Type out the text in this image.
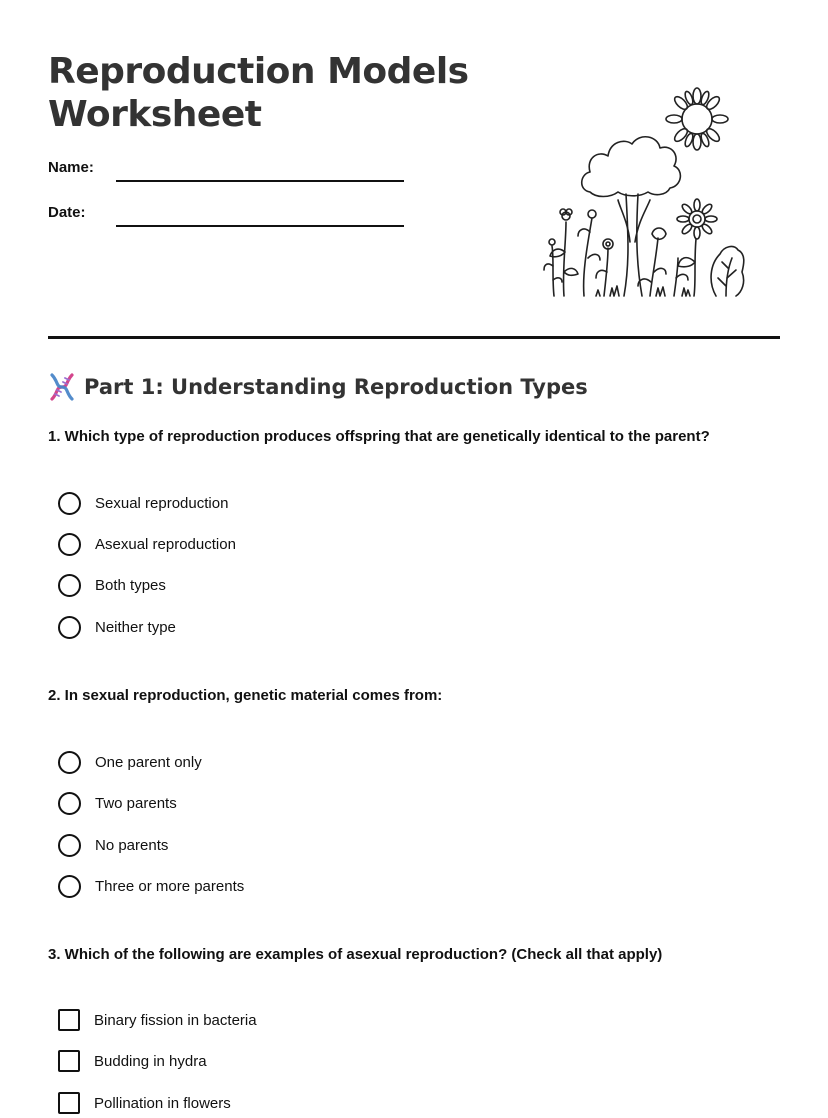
Reproduction Models
Worksheet
Name:
Date:
Part 1: Understanding Reproduction Types

1. Which type of reproduction produces offspring that are genetically identical to the parent?

Sexual reproduction
Asexual reproduction
Both types
Neither type

2. In sexual reproduction, genetic material comes from:

One parent only
Two parents
No parents
Three or more parents

3. Which of the following are examples of asexual reproduction? (Check all that apply)

Binary fission in bacteria
Budding in hydra
Pollination in flowers
